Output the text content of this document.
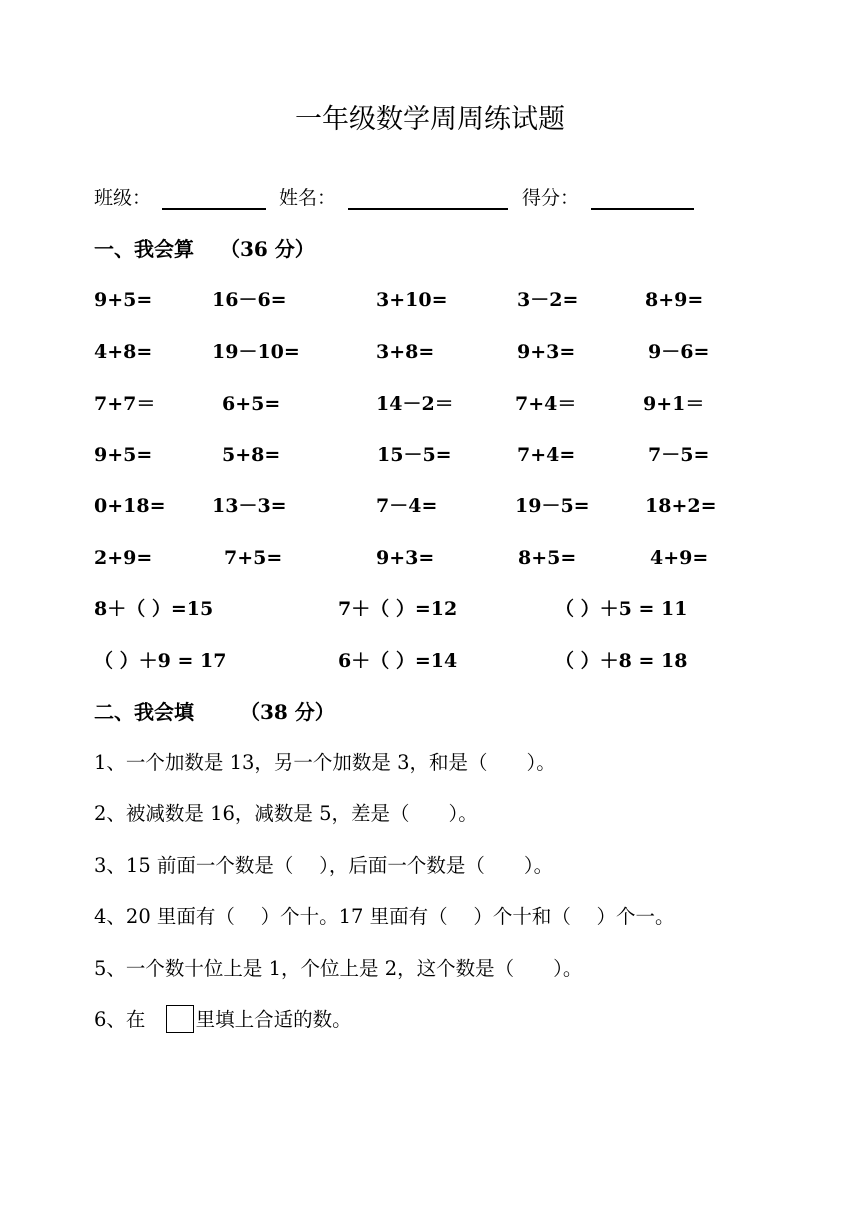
一年级数学周周练试题
班级：	姓名：	得分：
一、我会算 （36 分）
9+5=	16－6=	3+10=	3－2=	8+9=
4+8=	19－10=	3+8=	9+3=	9－6=
7+7＝	6+5=	14－2＝	7+4＝	9+1＝
9+5=	5+8=	15－5=	7+4=	7－5=
0+18= 13－3=	7－4=	19－5=	18+2=
2+9=	7+5=	9+3=	8+5=	4+9=
8＋（ ）=15	7＋（ ）=12	（ ）＋5 = 11
（ ）＋9 = 17	6＋（ ）=14	（ ）＋8 = 18
二、我会填 （38 分）
1、一个加数是 13，另一个加数是 3，和是（　　）。
2、被减数是 16，减数是 5，差是（　　）。
3、15 前面一个数是（　 ），后面一个数是（　　）。
4、20 里面有（　 ）个十。17 里面有（　 ）个十和（　 ）个一。
5、一个数十位上是 1，个位上是 2，这个数是（　　）。
6、在	里填上合适的数。
